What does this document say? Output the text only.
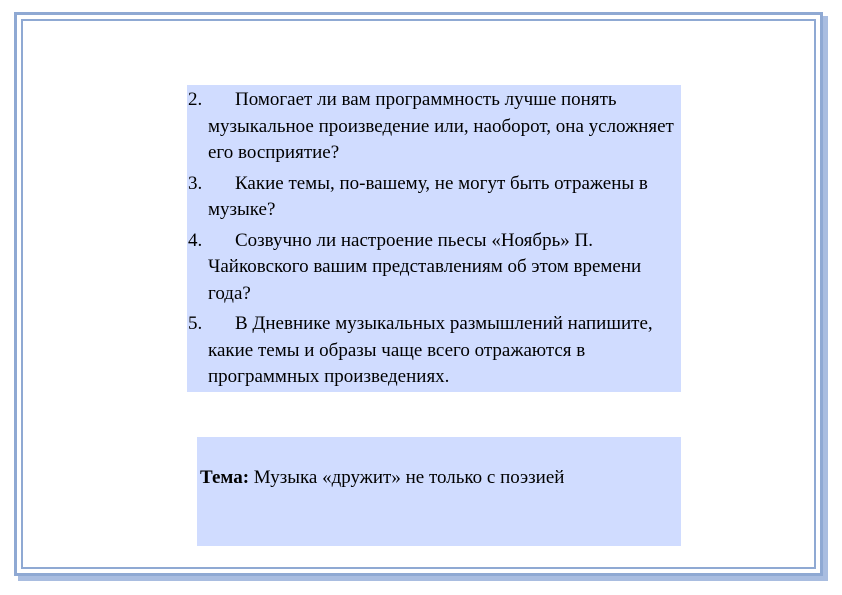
2.	Помогает ли вам программность лучше понять музыкальное произведение или, наоборот, она усложняет его восприятие?
3.	Какие темы, по-вашему, не могут быть отражены в музыке?
4.	Созвучно ли настроение пьесы «Ноябрь» П. Чайковского вашим представлениям об этом времени года?
5.	В Дневнике музыкальных размышлений напишите, какие темы и образы чаще всего отражаются в программных произведениях.
Тема: Музыка «дружит» не только с поэзией
